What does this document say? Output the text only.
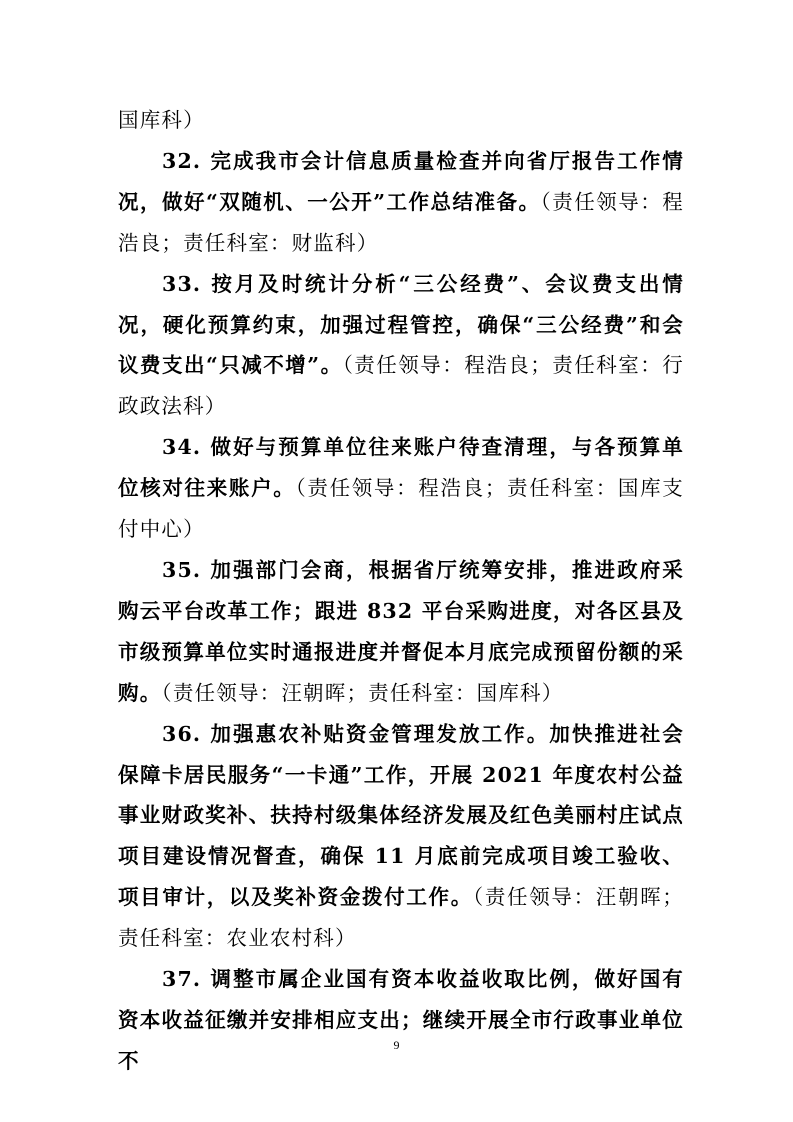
国库科）

32. 完成我市会计信息质量检查并向省厅报告工作情况，做好“双随机、一公开”工作总结准备。（责任领导：程浩良；责任科室：财监科）

33. 按月及时统计分析“三公经费”、会议费支出情况，硬化预算约束，加强过程管控，确保“三公经费”和会议费支出“只减不增”。（责任领导：程浩良；责任科室：行政政法科）

34. 做好与预算单位往来账户待查清理，与各预算单位核对往来账户。（责任领导：程浩良；责任科室：国库支付中心）

35. 加强部门会商，根据省厅统筹安排，推进政府采购云平台改革工作；跟进 832 平台采购进度，对各区县及市级预算单位实时通报进度并督促本月底完成预留份额的采购。（责任领导：汪朝晖；责任科室：国库科）

36. 加强惠农补贴资金管理发放工作。加快推进社会保障卡居民服务“一卡通”工作，开展 2021 年度农村公益事业财政奖补、扶持村级集体经济发展及红色美丽村庄试点项目建设情况督查，确保 11 月底前完成项目竣工验收、项目审计，以及奖补资金拨付工作。（责任领导：汪朝晖；责任科室：农业农村科）

37. 调整市属企业国有资本收益收取比例，做好国有资本收益征缴并安排相应支出；继续开展全市行政事业单位不

9
